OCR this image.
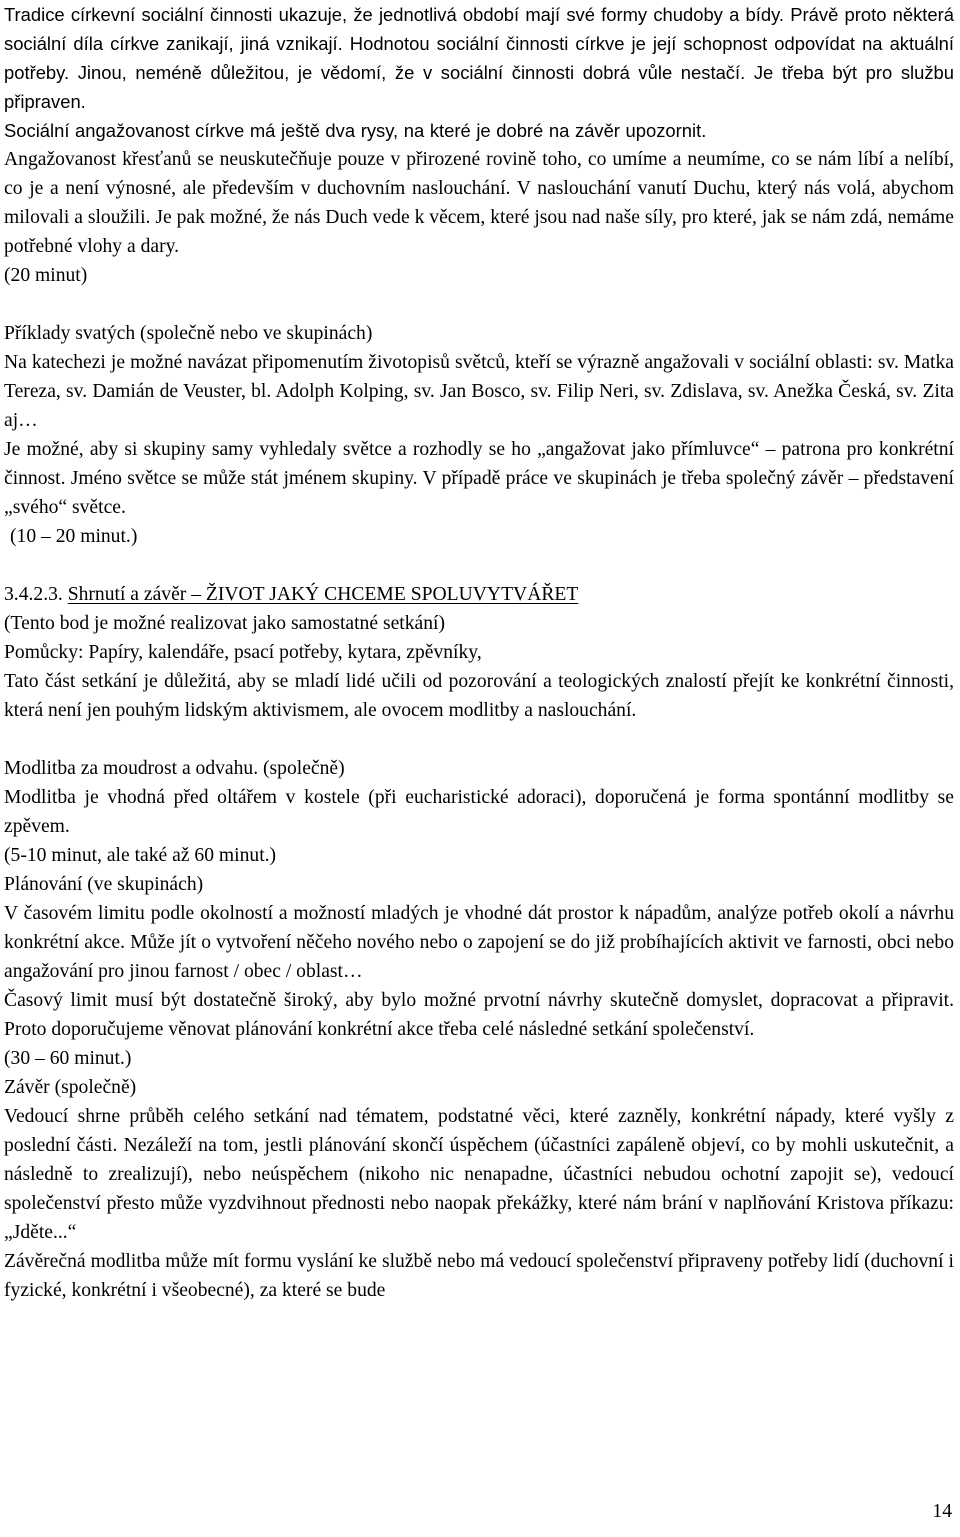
Tradice církevní sociální činnosti ukazuje, že jednotlivá období mají své formy chudoby a bídy. Právě proto některá sociální díla církve zanikají, jiná vznikají. Hodnotou sociální činnosti církve je její schopnost odpovídat na aktuální potřeby. Jinou, neméně důležitou, je vědomí, že v sociální činnosti dobrá vůle nestačí. Je třeba být pro službu připraven.

Sociální angažovanost církve má ještě dva rysy, na které je dobré na závěr upozornit.

Angažovanost křesťanů se neuskutečňuje pouze v přirozené rovině toho, co umíme a neumíme, co se nám líbí a nelíbí, co je a není výnosné, ale především v duchovním naslouchání. V naslouchání vanutí Duchu, který nás volá, abychom milovali a sloužili. Je pak možné, že nás Duch vede k věcem, které jsou nad naše síly, pro které, jak se nám zdá, nemáme potřebné vlohy a dary.

(20 minut)

Příklady svatých (společně nebo ve skupinách)

Na katechezi je možné navázat připomenutím životopisů světců, kteří se výrazně angažovali v sociální oblasti: sv. Matka Tereza, sv. Damián de Veuster, bl. Adolph Kolping, sv. Jan Bosco, sv. Filip Neri, sv. Zdislava, sv. Anežka Česká, sv. Zita aj…

Je možné, aby si skupiny samy vyhledaly světce a rozhodly se ho „angažovat jako přímluvce“ – patrona pro konkrétní činnost. Jméno světce se může stát jménem skupiny. V případě práce ve skupinách je třeba společný závěr – představení „svého“ světce.

(10 – 20 minut.)

3.4.2.3. Shrnutí a závěr – ŽIVOT JAKÝ CHCEME SPOLUVYTVÁŘET

(Tento bod je možné realizovat jako samostatné setkání)

Pomůcky: Papíry, kalendáře, psací potřeby, kytara, zpěvníky,

Tato část setkání je důležitá, aby se mladí lidé učili od pozorování a teologických znalostí přejít ke konkrétní činnosti, která není jen pouhým lidským aktivismem, ale ovocem modlitby a naslouchání.

Modlitba za moudrost a odvahu. (společně)

Modlitba je vhodná před oltářem v kostele (při eucharistické adoraci), doporučená je forma spontánní modlitby se zpěvem.

(5-10 minut, ale také až 60 minut.)

Plánování (ve skupinách)

V časovém limitu podle okolností a možností mladých je vhodné dát prostor k nápadům, analýze potřeb okolí a návrhu konkrétní akce. Může jít o vytvoření něčeho nového nebo o zapojení se do již probíhajících aktivit ve farnosti, obci nebo angažování pro jinou farnost / obec / oblast…

Časový limit musí být dostatečně široký, aby bylo možné prvotní návrhy skutečně domyslet, dopracovat a připravit. Proto doporučujeme věnovat plánování konkrétní akce třeba celé následné setkání společenství.

(30 – 60 minut.)

Závěr (společně)

Vedoucí shrne průběh celého setkání nad tématem, podstatné věci, které zazněly, konkrétní nápady, které vyšly z poslední části. Nezáleží na tom, jestli plánování skončí úspěchem (účastníci zapáleně objeví, co by mohli uskutečnit, a následně to zrealizují), nebo neúspěchem (nikoho nic nenapadne, účastníci nebudou ochotní zapojit se), vedoucí společenství přesto může vyzdvihnout přednosti nebo naopak překážky, které nám brání v naplňování Kristova příkazu: „Jděte...“

Závěrečná modlitba může mít formu vyslání ke službě nebo má vedoucí společenství připraveny potřeby lidí (duchovní i fyzické, konkrétní i všeobecné), za které se bude

14
